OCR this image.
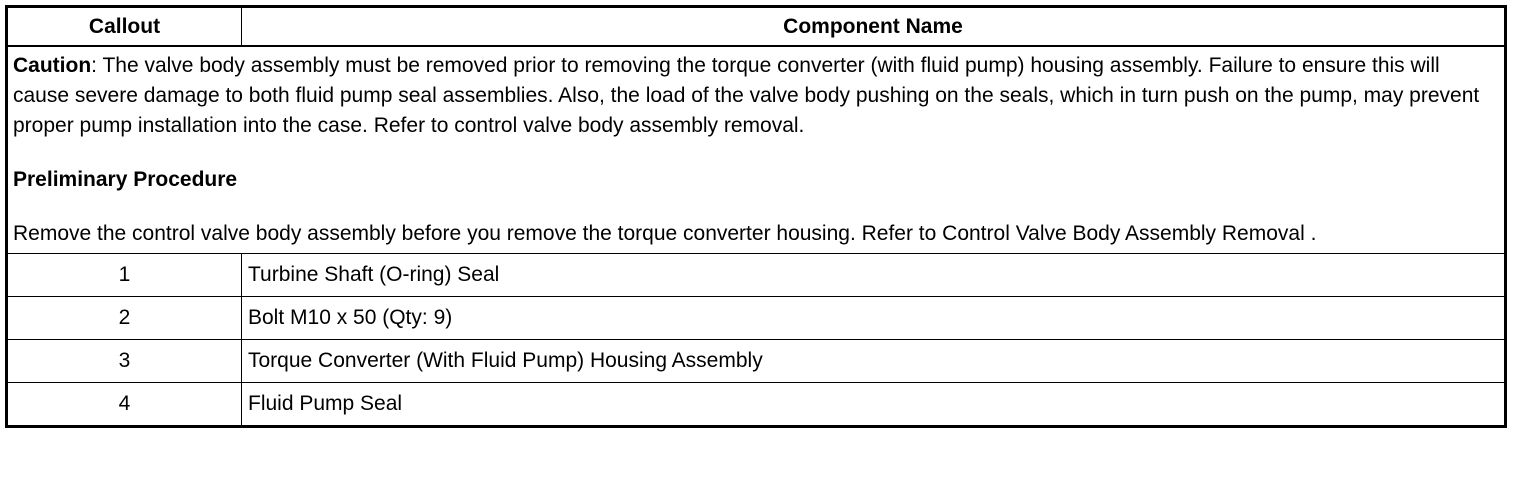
Callout	Component Name

Caution: The valve body assembly must be removed prior to removing the torque converter (with fluid pump) housing assembly. Failure to ensure this will cause severe damage to both fluid pump seal assemblies. Also, the load of the valve body pushing on the seals, which in turn push on the pump, may prevent proper pump installation into the case. Refer to control valve body assembly removal.

Preliminary Procedure

Remove the control valve body assembly before you remove the torque converter housing. Refer to Control Valve Body Assembly Removal .	

1	Turbine Shaft (O-ring) Seal
2	Bolt M10 x 50 (Qty: 9)
3	Torque Converter (With Fluid Pump) Housing Assembly
4	Fluid Pump Seal
